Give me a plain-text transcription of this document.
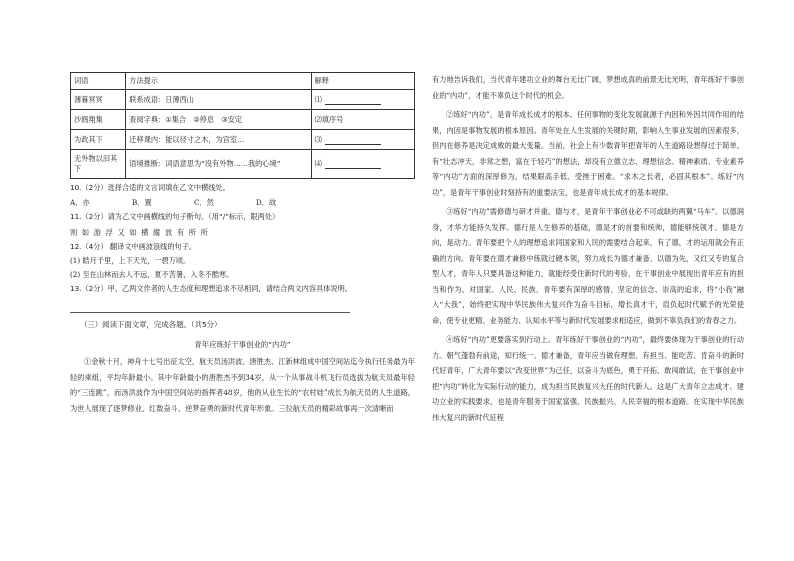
词语	方法提示	解释
薄暮冥冥	联系成语：日薄西山	⑴
沙鸥翔集	查阅字典：①集合　②停息　③安定	⑵填序号
为政其下	迁移课内：能以径寸之木，为宫室…	⑶
无外物以汨其下	语境推断：词语意思为“没有外物……我的心境”	⑷
10.（2分）选择合适的文言词填在乙文中横线处。
A．亦	B．置	C．然	D．故
11.（2分）请为乙文中画横线的句子断句。（用“/”标示，限两处）
则 如 游 浮 又 如 横 縱 放 有 所 所
12.（4分） 翻译文中画波浪线的句子。
(1) 皓月千里，上下天光，一碧万顷。
(2) 至在山林而去人不远，夏不苦暑，入冬不酷寒。
13.（2分）甲、乙两文作者的人生态度和理想追求不尽相同，请结合两文内容具体说明。
（三）阅读下面文章，完成各题。（共5分）
青年应练好干事创业的“内功”

①金秋十月，神舟十七号出征太空，航天员汤洪波、唐胜杰、江新林组成中国空间站迄今执行任务最为年轻的乘组，平均年龄最小。其中年龄最小的唐胜杰不到34岁，从一个从事战斗机飞行员选拔为航天员最年轻的“三连跳”，而汤洪波作为中国空间站的指挥者48岁，他的从业生长的“农村娃”成长为航天员的人生道路，为世人展现了逐梦修业、红数奋斗、逆梦奋勇的新时代青年形象。三位航天员的精彩故事再一次清晰而

有力地告诉我们，当代青年建功立业的舞台无比广阔，梦想成真的前景无比光明，青年练好干事创业的“内功”，才能不辜负这个时代的机会。

②练好“内功”，是青年成长成才的根本。任何事物的变化发展就源于内因和外因共同作用的结果，内因是事物发展的根本原因。青年处在人生发展的关键时期，影响人生事业发展的因素很多，但内在修养是决定成败的最大变量。当前，社会上有少数青年把青年的人生道路设想得过于简单，有“壮志冲天，非常之想，富在于轻巧”的想法，却没有立德立志、理想信念、精神素质、专业素养等“内功”方面的深厚修为，结果眼高手低、受挫于困难。“求木之长者，必固其根本”。练好“内功”，是青年干事创业时刻持有的重要法宝，也是青年成长成才的基本规律。

③练好“内功”需修德与研才并重。德与才，是青年干事创业必不可或缺的两翼“马车”。以德润身，才华方能持久发挥。德行是人生修养的基础，德是才的首要和统帅，德能够统领才。德是方向，是动力。青年要把个人的理想追求同国家和人民的需要结合起来，有了德，才的运用就会有正确的方向。青年要在德才兼修中练就过硬本领，努力成长为德才兼备、以德为先，又红又专的复合型人才，青年人只要具备这种能力，就能经受住新时代的考验，在干事创业中展现出青年应有的担当和作为。对国家、人民、民族，青年要有深厚的感情、坚定的信念、崇高的追求，将“小我”融入“大我”，始终把实现中华民族伟大复兴作为奋斗目标，增长真才干，肩负起时代赋予的光荣使命，使专业更精、业务能力、认知水平等与新时代发展要求相适应，做到不辜负我们的青春之力。

④练好“内功”更要落实到行动上。青年练好干事创业的“内功”，最终要体现为干事创业的行动力。朝气蓬勃有前途，知行统一、德才兼备，青年应当做有理想、有担当、能吃苦、肯奋斗的新时代好青年，广大青年要以“改变世界”为己任，以奋斗为底色，勇于开拓、敢闯敢试，在干事创业中把“内功”转化为实际行动的能力，成为担当民族复兴大任的时代新人。这是广大青年立志成才、建功立业的实践要求，也是青年服务于国家富强、民族振兴、人民幸福的根本道路。在实现中华民族伟大复兴的新时代征程
